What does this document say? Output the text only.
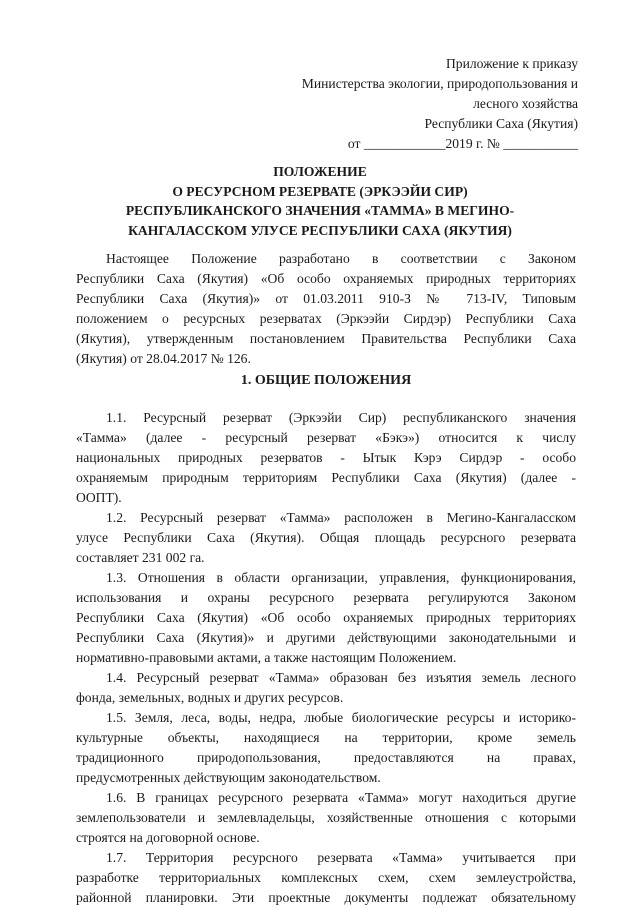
Приложение к приказу
Министерства экологии, природопользования и
лесного хозяйства
Республики Саха (Якутия)
от ____________2019 г. № ___________
ПОЛОЖЕНИЕ
О РЕСУРСНОМ РЕЗЕРВАТЕ (ЭРКЭЭЙИ СИР)
РЕСПУБЛИКАНСКОГО ЗНАЧЕНИЯ «ТАММА» В МЕГИНО-
КАНГАЛАССКОМ УЛУСЕ РЕСПУБЛИКИ САХА (ЯКУТИЯ)
Настоящее Положение разработано в соответствии с Законом
Республики Саха (Якутия) «Об особо охраняемых природных территориях
Республики Саха (Якутия)» от 01.03.2011 910-З № 713-IV, Типовым
положением о ресурсных резерватах (Эркээйи Сирдэр) Республики Саха
(Якутия), утвержденным постановлением Правительства Республики Саха
(Якутия) от 28.04.2017 № 126.
1. ОБЩИЕ ПОЛОЖЕНИЯ
1.1. Ресурсный резерват (Эркээйи Сир) республиканского значения
«Тамма» (далее - ресурсный резерват «Бэкэ») относится к числу
национальных природных резерватов - Ытык Кэрэ Сирдэр - особо
охраняемым природным территориям Республики Саха (Якутия) (далее -
ООПТ).
1.2. Ресурсный резерват «Тамма» расположен в Мегино-Кангаласском
улусе Республики Саха (Якутия). Общая площадь ресурсного резервата
составляет 231 002 га.
1.3. Отношения в области организации, управления, функционирования,
использования и охраны ресурсного резервата регулируются Законом
Республики Саха (Якутия) «Об особо охраняемых природных территориях
Республики Саха (Якутия)» и другими действующими законодательными и
нормативно-правовыми актами, а также настоящим Положением.
1.4. Ресурсный резерват «Тамма» образован без изъятия земель лесного
фонда, земельных, водных и других ресурсов.
1.5. Земля, леса, воды, недра, любые биологические ресурсы и историко-
культурные объекты, находящиеся на территории, кроме земель
традиционного природопользования, предоставляются на правах,
предусмотренных действующим законодательством.
1.6. В границах ресурсного резервата «Тамма» могут находиться другие
землепользователи и землевладельцы, хозяйственные отношения с которыми
строятся на договорной основе.
1.7. Территория ресурсного резервата «Тамма» учитывается при
разработке территориальных комплексных схем, схем землеустройства,
районной планировки. Эти проектные документы подлежат обязательному
